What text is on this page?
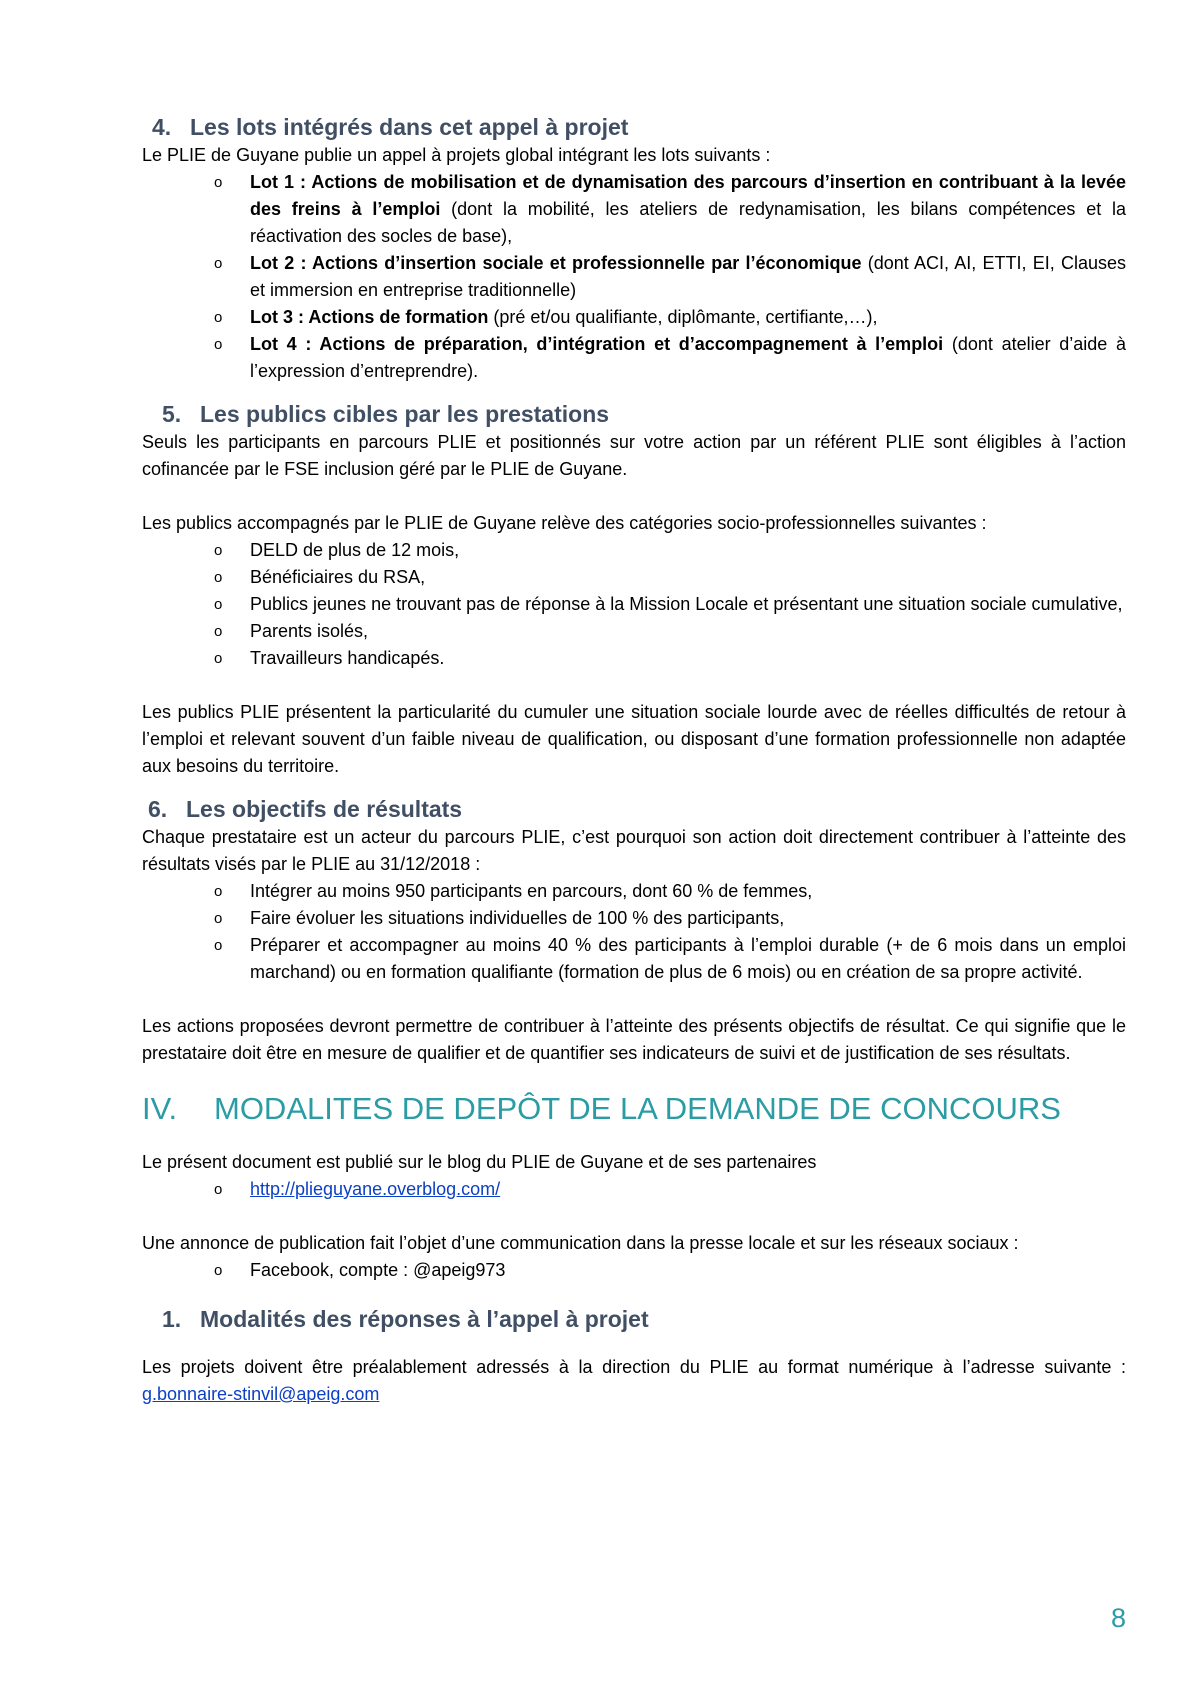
4. Les lots intégrés dans cet appel à projet

Le PLIE de Guyane publie un appel à projets global intégrant les lots suivants :

o Lot 1 : Actions de mobilisation et de dynamisation des parcours d’insertion en contribuant à la levée des freins à l’emploi (dont la mobilité, les ateliers de redynamisation, les bilans compétences et la réactivation des socles de base),
o Lot 2 : Actions d’insertion sociale et professionnelle par l’économique (dont ACI, AI, ETTI, EI, Clauses et immersion en entreprise traditionnelle)
o Lot 3 : Actions de formation (pré et/ou qualifiante, diplômante, certifiante,…),
o Lot 4 : Actions de préparation, d’intégration et d’accompagnement à l’emploi (dont atelier d’aide à l’expression d’entreprendre).
5. Les publics cibles par les prestations

Seuls les participants en parcours PLIE et positionnés sur votre action par un référent PLIE sont éligibles à l’action cofinancée par le FSE inclusion géré par le PLIE de Guyane.

Les publics accompagnés par le PLIE de Guyane relève des catégories socio-professionnelles suivantes :

o DELD de plus de 12 mois,
o Bénéficiaires du RSA,
o Publics jeunes ne trouvant pas de réponse à la Mission Locale et présentant une situation sociale cumulative,
o Parents isolés,
o Travailleurs handicapés.

Les publics PLIE présentent la particularité du cumuler une situation sociale lourde avec de réelles difficultés de retour à l’emploi et relevant souvent d’un faible niveau de qualification, ou disposant d’une formation professionnelle non adaptée aux besoins du territoire.

6. Les objectifs de résultats

Chaque prestataire est un acteur du parcours PLIE, c’est pourquoi son action doit directement contribuer à l’atteinte des résultats visés par le PLIE au 31/12/2018 :

o Intégrer au moins 950 participants en parcours, dont 60 % de femmes,
o Faire évoluer les situations individuelles de 100 % des participants,
o Préparer et accompagner au moins 40 % des participants à l’emploi durable (+ de 6 mois dans un emploi marchand) ou en formation qualifiante (formation de plus de 6 mois) ou en création de sa propre activité.

Les actions proposées devront permettre de contribuer à l’atteinte des présents objectifs de résultat. Ce qui signifie que le prestataire doit être en mesure de qualifier et de quantifier ses indicateurs de suivi et de justification de ses résultats.

IV. MODALITES DE DEPÔT DE LA DEMANDE DE CONCOURS

Le présent document est publié sur le blog du PLIE de Guyane et de ses partenaires

o http://plieguyane.overblog.com/

Une annonce de publication fait l’objet d’une communication dans la presse locale et sur les réseaux sociaux :

o Facebook, compte : @apeig973
1. Modalités des réponses à l’appel à projet

Les projets doivent être préalablement adressés à la direction du PLIE au format numérique à l’adresse suivante : g.bonnaire-stinvil@apeig.com

8
